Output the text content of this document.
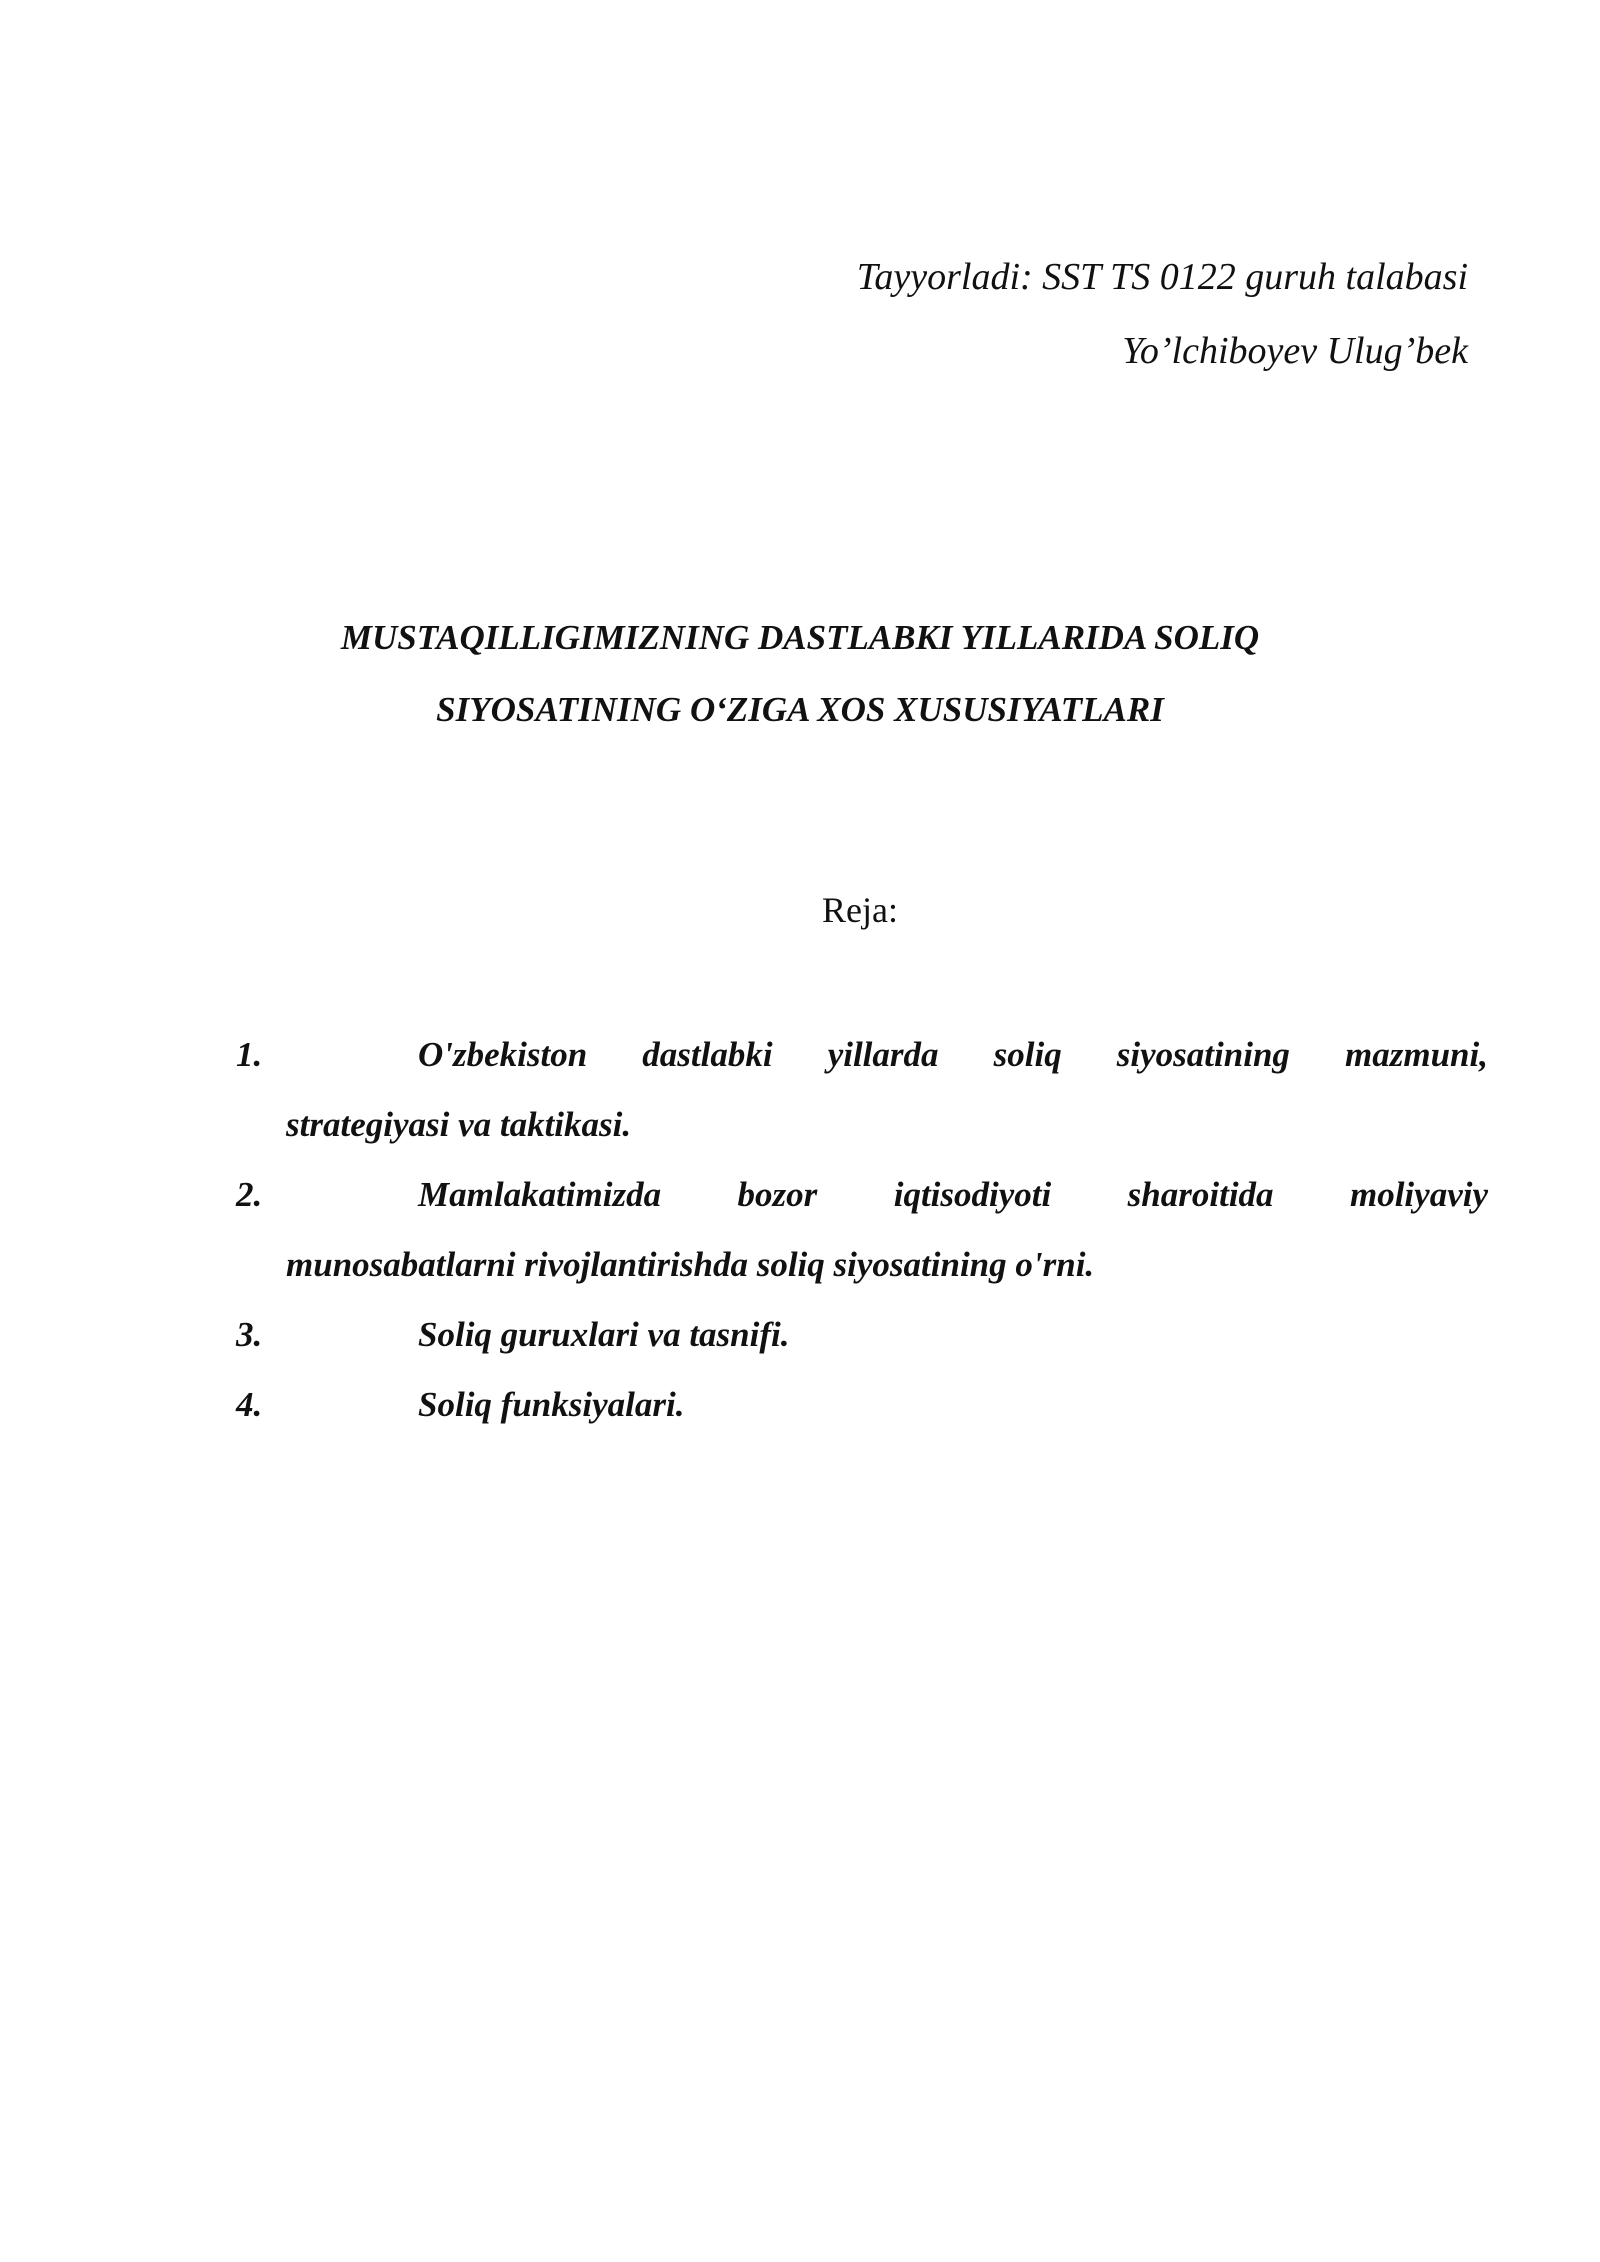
Tayyorladi: SST TS 0122 guruh talabasi
Yo’lchiboyev Ulug’bek
MUSTAQILLIGIMIZNING DASTLABKI YILLARIDA SOLIQ
SIYOSATINING O‘ZIGA XOS XUSUSIYATLARI
Reja:
1.	O'zbekiston dastlabki yillarda soliq siyosatining mazmuni,
strategiyasi va taktikasi.
2.	Mamlakatimizda bozor iqtisodiyoti sharoitida moliyaviy
munosabatlarni rivojlantirishda soliq siyosatining o'rni.
3.	Soliq guruxlari va tasnifi.
4.	Soliq funksiyalari.
